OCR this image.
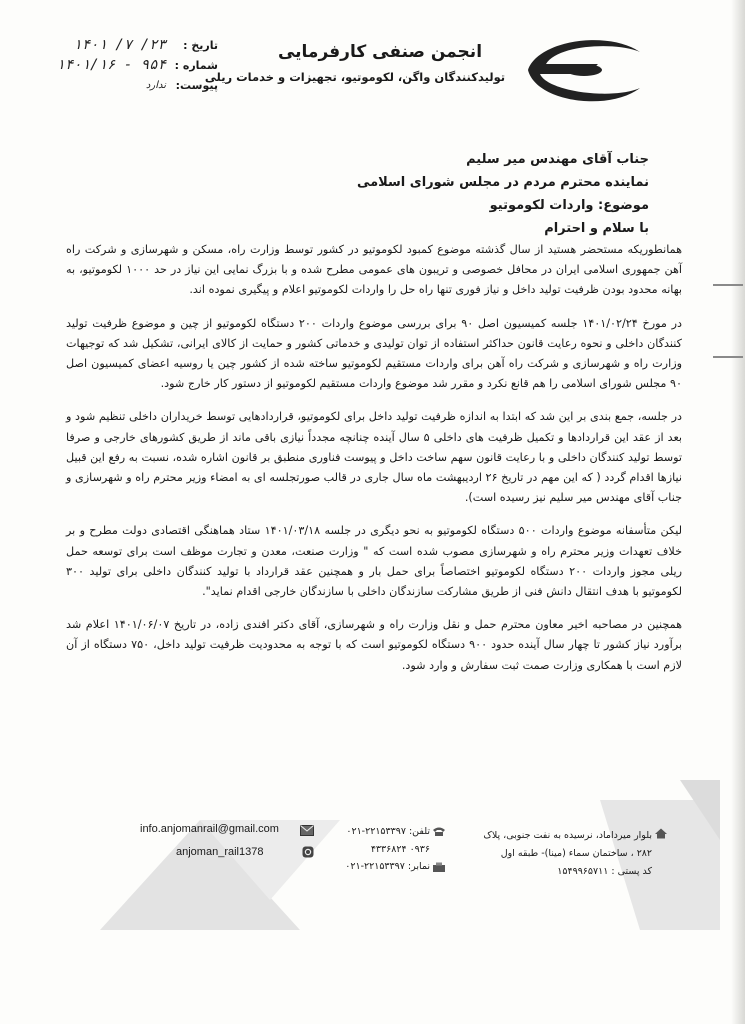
تاریخ :
۱۴۰۱ /۷ /۲۳
شماره :
۱۴۰۱/۱۶ - ۹۵۴
پیوست:
ندارد
انجمن صنفی کارفرمایی
تولیدکنندگان واگن، لکوموتیو، تجهیزات و خدمات ریلی
جناب آقای مهندس میر سلیم
نماینده محترم مردم در مجلس شورای اسلامی
موضوع: واردات لکوموتیو
با سلام و احترام

همانطوریکه مستحضر هستید از سال گذشته موضوع کمبود لکوموتیو در کشور توسط وزارت راه، مسکن و شهرسازی و شرکت راه آهن جمهوری اسلامی ایران در محافل خصوصی و تریبون های عمومی مطرح شده و با بزرگ نمایی این نیاز در حد ۱۰۰۰ لکوموتیو، به بهانه محدود بودن ظرفیت تولید داخل و نیاز فوری تنها راه حل را واردات لکوموتیو اعلام و پیگیری نموده اند.

در مورخ ۱۴۰۱/۰۲/۲۴ جلسه کمیسیون اصل ۹۰ برای بررسی موضوع واردات ۲۰۰ دستگاه لکوموتیو از چین و موضوع ظرفیت تولید کنندگان داخلی و نحوه رعایت قانون حداکثر استفاده از توان تولیدی و خدماتی کشور و حمایت از کالای ایرانی، تشکیل شد که توجیهات وزارت راه و شهرسازی و شرکت راه آهن برای واردات مستقیم لکوموتیو ساخته شده از کشور چین یا روسیه اعضای کمیسیون اصل ۹۰ مجلس شورای اسلامی را هم قانع نکرد و مقرر شد موضوع واردات مستقیم لکوموتیو از دستور کار خارج شود.

در جلسه، جمع بندی بر این شد که ابتدا به اندازه ظرفیت تولید داخل برای لکوموتیو، قراردادهایی توسط خریداران داخلی تنظیم شود و بعد از عقد این قراردادها و تکمیل ظرفیت های داخلی ۵ سال آینده چنانچه مجدداً نیازی باقی ماند از طریق کشورهای خارجی و صرفا توسط تولید کنندگان داخلی و با رعایت قانون سهم ساخت داخل و پیوست فناوری منطبق بر قانون اشاره شده، نسبت به رفع این قبیل نیازها اقدام گردد ( که این مهم در تاریخ ۲۶ اردیبهشت ماه سال جاری در قالب صورتجلسه ای به امضاء وزیر محترم راه و شهرسازی و جناب آقای مهندس میر سلیم نیز رسیده است).

لیکن متأسفانه موضوع واردات ۵۰۰ دستگاه لکوموتیو به نحو دیگری در جلسه ۱۴۰۱/۰۳/۱۸ ستاد هماهنگی اقتصادی دولت مطرح و بر خلاف تعهدات وزیر محترم راه و شهرسازی مصوب شده است که " وزارت صنعت، معدن و تجارت موظف است برای توسعه حمل ریلی مجوز واردات ۲۰۰ دستگاه لکوموتیو اختصاصاً برای حمل بار و همچنین عقد قرارداد با تولید کنندگان داخلی برای تولید ۳۰۰ لکوموتیو با هدف انتقال دانش فنی از طریق مشارکت سازندگان داخلی با سازندگان خارجی اقدام نماید".

همچنین در مصاحبه اخیر معاون محترم حمل و نقل وزارت راه و شهرسازی، آقای دکتر افندی زاده، در تاریخ ۱۴۰۱/۰۶/۰۷ اعلام شد برآورد نیاز کشور تا چهار سال آینده حدود ۹۰۰ دستگاه لکوموتیو است که با توجه به محدودیت ظرفیت تولید داخل، ۷۵۰ دستگاه از آن لازم است با همکاری وزارت صمت ثبت سفارش و وارد شود.

info.anjomanrail@gmail.com
anjoman_rail1378
تلفن: ۰۲۱-۲۲۱۵۳۳۹۷
۰۹۳۶ ۴۳۳۶۸۲۴
نمابر: ۰۲۱-۲۲۱۵۳۳۹۷
بلوار میرداماد، نرسیده به نفت جنوبی، پلاک
۲۸۲ ، ساختمان سماء (مینا)- طبقه اول
کد پستی : ۱۵۴۹۹۶۵۷۱۱
